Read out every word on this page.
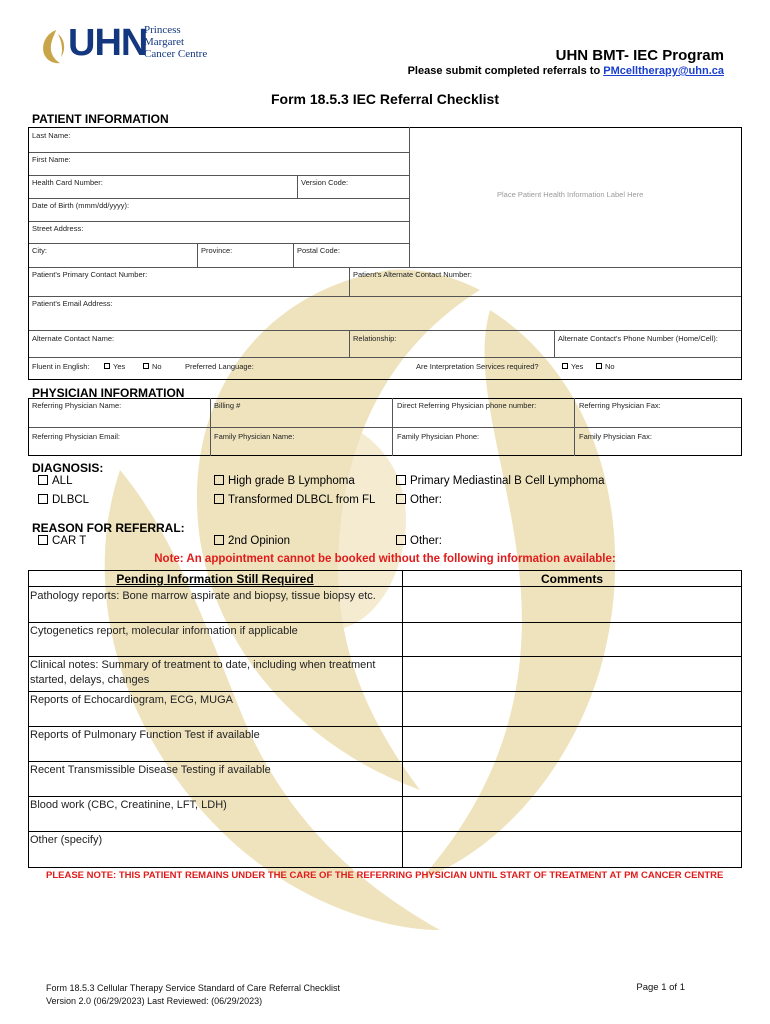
UHN
Princess
Margaret
Cancer Centre	UHN BMT- IEC Program
Please submit completed referrals to PMcelltherapy@uhn.ca
Form 18.5.3 IEC Referral Checklist
PATIENT INFORMATION
Last Name:
First Name:
Health Card Number:	Version Code:
Place Patient Health Information Label Here
Date of Birth (mmm/dd/yyyy):
Street Address:
City:	Province:	Postal Code:
Patient's Primary Contact Number:	Patient's Alternate Contact Number:
Patient's Email Address:
Alternate Contact Name:	Relationship:	Alternate Contact's Phone Number (Home/Cell):
Fluent in English:	Yes	No	Preferred Language:	Are Interpretation Services required?	Yes	No
PHYSICIAN INFORMATION
Referring Physician Name:	Billing #	Direct Referring Physician phone number:	Referring Physician Fax:
Referring Physician Email:	Family Physician Name:	Family Physician Phone:	Family Physician Fax:
DIAGNOSIS:
ALL	High grade B Lymphoma	Primary Mediastinal B Cell Lymphoma
DLBCL	Transformed DLBCL from FL	Other:
REASON FOR REFERRAL:
CAR T	2nd Opinion	Other:
Note: An appointment cannot be booked without the following information available:
Pending Information Still Required	Comments
Pathology reports: Bone marrow aspirate and biopsy, tissue biopsy etc.
Cytogenetics report, molecular information if applicable
Clinical notes: Summary of treatment to date, including when treatment started, delays, changes
Reports of Echocardiogram, ECG, MUGA
Reports of Pulmonary Function Test if available
Recent Transmissible Disease Testing if available
Blood work (CBC, Creatinine, LFT, LDH)
Other (specify)
PLEASE NOTE: THIS PATIENT REMAINS UNDER THE CARE OF THE REFERRING PHYSICIAN UNTIL START OF TREATMENT AT PM CANCER CENTRE
Form 18.5.3 Cellular Therapy Service Standard of Care Referral Checklist
Version 2.0 (06/29/2023) Last Reviewed: (06/29/2023)
Page 1 of 1
